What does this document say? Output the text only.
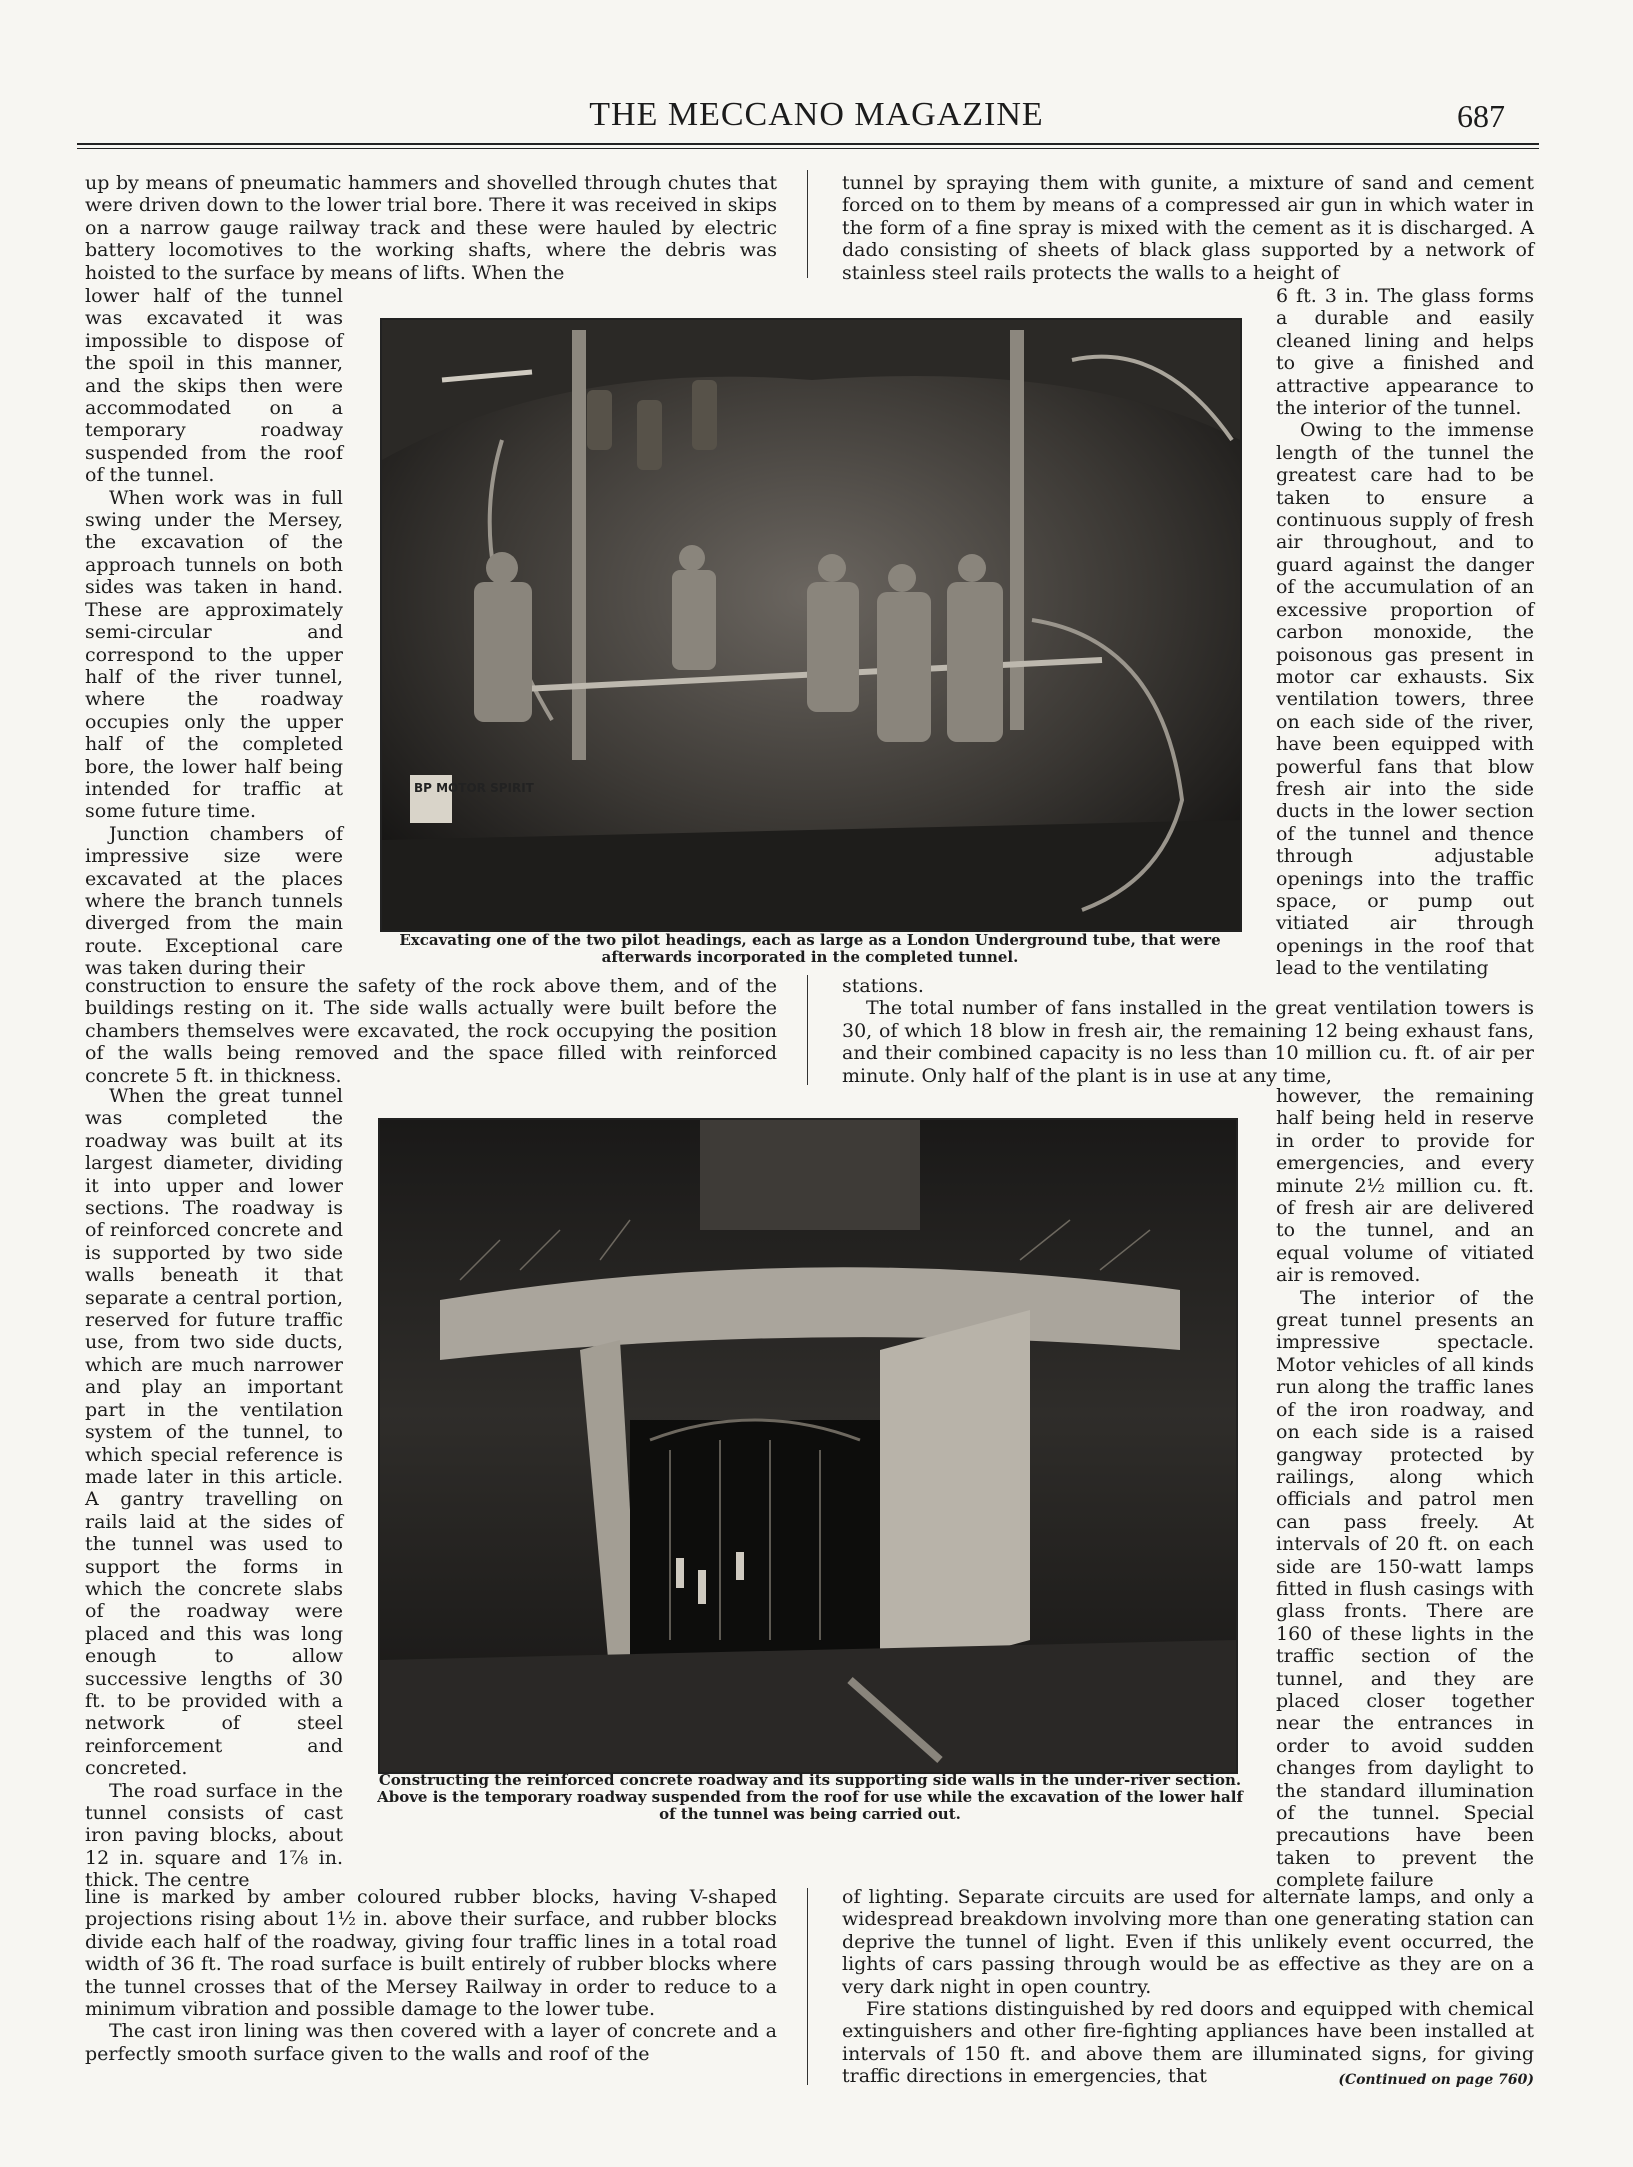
THE MECCANO MAGAZINE	687

up by means of pneumatic hammers and shovelled through chutes that were driven down to the lower trial bore. There it was received in skips on a narrow gauge railway track and these were hauled by electric battery locomotives to the working shafts, where the debris was hoisted to the surface by means of lifts. When the

lower half of the tunnel was excavated it was impossible to dispose of the spoil in this manner, and the skips then were accommodated on a temporary roadway suspended from the roof of the tunnel.

When work was in full swing under the Mersey, the excavation of the approach tunnels on both sides was taken in hand. These are approximately semi-circular and correspond to the upper half of the river tunnel, where the roadway occupies only the upper half of the completed bore, the lower half being intended for traffic at some future time.

Junction chambers of impressive size were excavated at the places where the branch tunnels diverged from the main route. Exceptional care was taken during their

construction to ensure the safety of the rock above them, and of the buildings resting on it. The side walls actually were built before the chambers themselves were excavated, the rock occupying the position of the walls being removed and the space filled with reinforced concrete 5 ft. in thickness.

When the great tunnel was completed the roadway was built at its largest diameter, dividing it into upper and lower sections. The roadway is of reinforced concrete and is supported by two side walls beneath it that separate a central portion, reserved for future traffic use, from two side ducts, which are much narrower and play an important part in the ventilation system of the tunnel, to which special reference is made later in this article. A gantry travelling on rails laid at the sides of the tunnel was used to support the forms in which the concrete slabs of the roadway were placed and this was long enough to allow successive lengths of 30 ft. to be provided with a network of steel reinforcement and concreted.

The road surface in the tunnel consists of cast iron paving blocks, about 12 in. square and 1⅞ in. thick. The centre

line is marked by amber coloured rubber blocks, having V-shaped projections rising about 1½ in. above their surface, and rubber blocks divide each half of the roadway, giving four traffic lines in a total road width of 36 ft. The road surface is built entirely of rubber blocks where the tunnel crosses that of the Mersey Railway in order to reduce to a minimum vibration and possible damage to the lower tube.

The cast iron lining was then covered with a layer of concrete and a perfectly smooth surface given to the walls and roof of the

tunnel by spraying them with gunite, a mixture of sand and cement forced on to them by means of a compressed air gun in which water in the form of a fine spray is mixed with the cement as it is discharged. A dado consisting of sheets of black glass supported by a network of stainless steel rails protects the walls to a height of

6 ft. 3 in. The glass forms a durable and easily cleaned lining and helps to give a finished and attractive appearance to the interior of the tunnel.

Owing to the immense length of the tunnel the greatest care had to be taken to ensure a continuous supply of fresh air throughout, and to guard against the danger of the accumulation of an excessive proportion of carbon monoxide, the poisonous gas present in motor car exhausts. Six ventilation towers, three on each side of the river, have been equipped with powerful fans that blow fresh air into the side ducts in the lower section of the tunnel and thence through adjustable openings into the traffic space, or pump out vitiated air through openings in the roof that lead to the ventilating

stations.

The total number of fans installed in the great ventilation towers is 30, of which 18 blow in fresh air, the remaining 12 being exhaust fans, and their combined capacity is no less than 10 million cu. ft. of air per minute. Only half of the plant is in use at any time,

however, the remaining half being held in reserve in order to provide for emergencies, and every minute 2½ million cu. ft. of fresh air are delivered to the tunnel, and an equal volume of vitiated air is removed.

The interior of the great tunnel presents an impressive spectacle. Motor vehicles of all kinds run along the traffic lanes of the iron roadway, and on each side is a raised gangway protected by railings, along which officials and patrol men can pass freely. At intervals of 20 ft. on each side are 150-watt lamps fitted in flush casings with glass fronts. There are 160 of these lights in the traffic section of the tunnel, and they are placed closer together near the entrances in order to avoid sudden changes from daylight to the standard illumination of the tunnel. Special precautions have been taken to prevent the complete failure

of lighting. Separate circuits are used for alternate lamps, and only a widespread breakdown involving more than one generating station can deprive the tunnel of light. Even if this unlikely event occurred, the lights of cars passing through would be as effective as they are on a very dark night in open country.

Fire stations distinguished by red doors and equipped with chemical extinguishers and other fire-fighting appliances have been installed at intervals of 150 ft. and above them are illuminated signs, for giving traffic directions in emergencies, that	(Continued on page 760)

BP MOTOR SPIRIT
Excavating one of the two pilot headings, each as large as a London Underground tube, that were afterwards incorporated in the completed tunnel.
Constructing the reinforced concrete roadway and its supporting side walls in the under-river section. Above is the temporary roadway suspended from the roof for use while the excavation of the lower half of the tunnel was being carried out.
